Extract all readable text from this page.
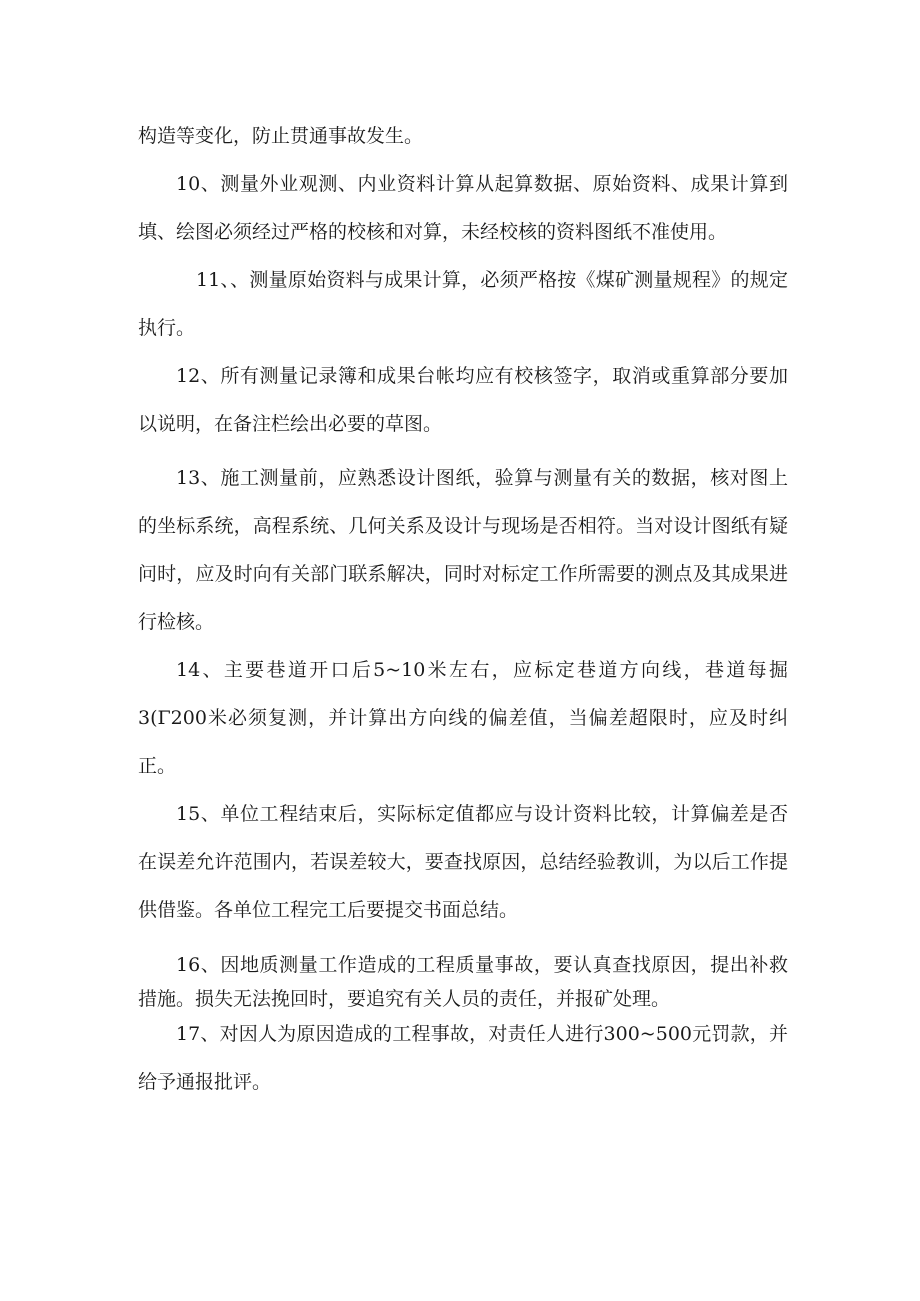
构造等变化，防止贯通事故发生。

10、测量外业观测、内业资料计算从起算数据、原始资料、成果计算到填、绘图必须经过严格的校核和对算，未经校核的资料图纸不准使用。

11、、测量原始资料与成果计算，必须严格按《煤矿测量规程》的规定执行。

12、所有测量记录簿和成果台帐均应有校核签字，取消或重算部分要加以说明，在备注栏绘出必要的草图。

13、施工测量前，应熟悉设计图纸，验算与测量有关的数据，核对图上的坐标系统，高程系统、几何关系及设计与现场是否相符。当对设计图纸有疑问时，应及时向有关部门联系解决，同时对标定工作所需要的测点及其成果进行检核。

14、主要巷道开口后5~10米左右，应标定巷道方向线，巷道每掘3(Γ200米必须复测，并计算出方向线的偏差值，当偏差超限时，应及时纠正。

15、单位工程结束后，实际标定值都应与设计资料比较，计算偏差是否在误差允许范围内，若误差较大，要查找原因，总结经验教训，为以后工作提供借鉴。各单位工程完工后要提交书面总结。

16、因地质测量工作造成的工程质量事故，要认真查找原因，提出补救措施。损失无法挽回时，要追究有关人员的责任，并报矿处理。

17、对因人为原因造成的工程事故，对责任人进行300~500元罚款，并给予通报批评。
